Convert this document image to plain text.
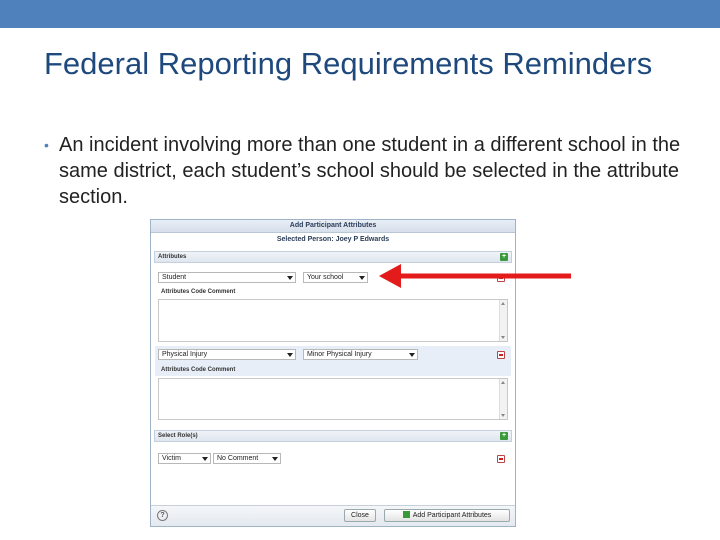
Federal Reporting Requirements Reminders
• An incident involving more than one student in a different school in the same district, each student’s school should be selected in the attribute section.
Add Participant Attributes
Selected Person: Joey P Edwards
Attributes	+
Student	Your school
Attributes Code Comment
Physical Injury	Minor Physical Injury
Attributes Code Comment
Select Role(s)	+
Victim	No Comment
?	Close	Add Participant Attributes
